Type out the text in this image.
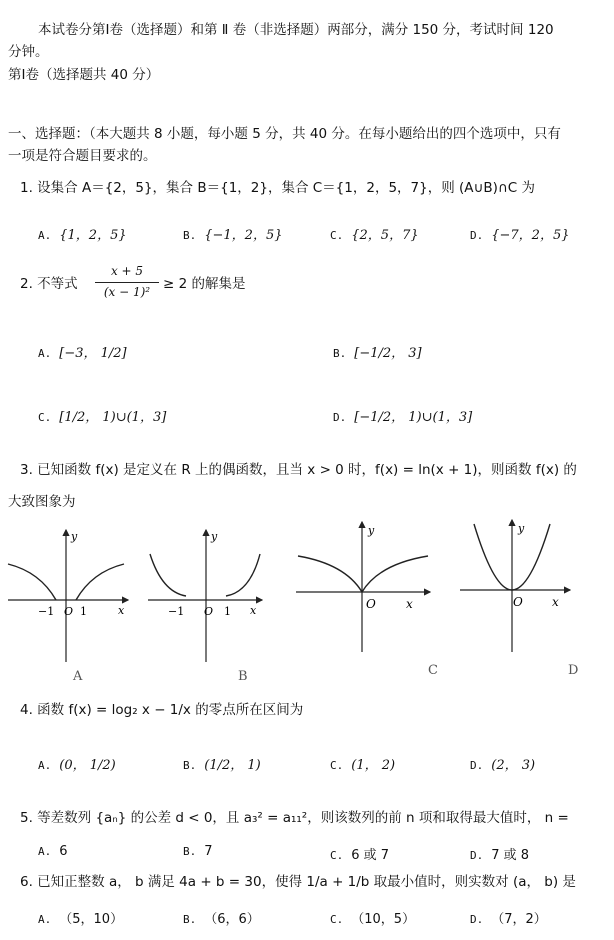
本试卷分第Ⅰ卷（选择题）和第 Ⅱ 卷（非选择题）两部分，满分 150 分，考试时间 120
分钟。
第Ⅰ卷（选择题共 40 分）
一、选择题：（本大题共 8 小题，每小题 5 分，共 40 分。在每小题给出的四个选项中，只有
一项是符合题目要求的。
1. 设集合 A＝{2，5}，集合 B＝{1，2}，集合 C＝{1，2，5，7}，则 (A∪B)∩C 为
A. {1，2，5}	B. {−1，2，5}	C. {2，5，7}	D. {−7，2，5}
2. 不等式
x + 5
(x − 1)² ≥ 2 的解集是
A. [−3， 1/2]	B. [−1/2， 3]
C. [1/2， 1)∪(1，3]	D. [−1/2， 1)∪(1，3]
3. 已知函数 f(x) 是定义在 R 上的偶函数，且当 x > 0 时，f(x) = ln(x + 1)，则函数 f(x) 的
大致图象为
−1 O 1	x
y
A
−1 O 1 x
y
B
O	x
y
C
O x
y
D
4. 函数 f(x) = log₂ x − 1/x 的零点所在区间为
A. (0， 1/2)	B. (1/2， 1)	C. (1， 2)	D. (2， 3)
5. 等差数列 {aₙ} 的公差 d < 0，且 a₃² = a₁₁²，则该数列的前 n 项和取得最大值时， n =
A. 6	B. 7	C. 6 或 7	D. 7 或 8
6. 已知正整数 a， b 满足 4a + b = 30，使得 1/a + 1/b 取最小值时，则实数对 (a， b) 是
A. （5，10）	B. （6，6）	C. （10，5）	D. （7，2）
